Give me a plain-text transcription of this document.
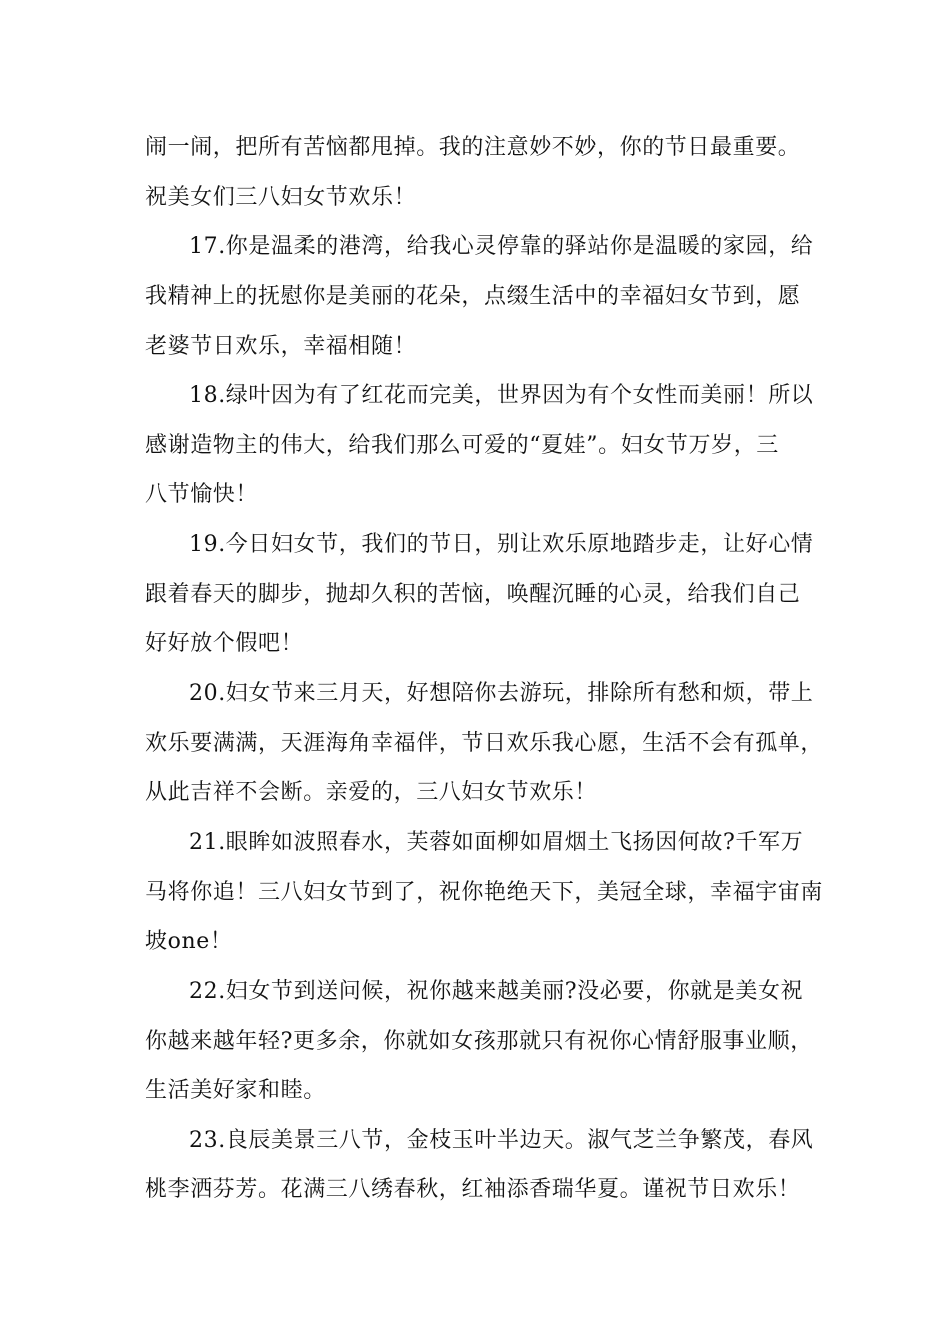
闹一闹，把所有苦恼都甩掉。我的注意妙不妙，你的节日最重要。
祝美女们三八妇女节欢乐！
17.你是温柔的港湾，给我心灵停靠的驿站你是温暖的家园，给
我精神上的抚慰你是美丽的花朵，点缀生活中的幸福妇女节到，愿
老婆节日欢乐，幸福相随！
18.绿叶因为有了红花而完美，世界因为有个女性而美丽！所以
感谢造物主的伟大，给我们那么可爱的“夏娃”。妇女节万岁，三
八节愉快！
19.今日妇女节，我们的节日，别让欢乐原地踏步走，让好心情
跟着春天的脚步，抛却久积的苦恼，唤醒沉睡的心灵，给我们自己
好好放个假吧！
20.妇女节来三月天，好想陪你去游玩，排除所有愁和烦，带上
欢乐要满满，天涯海角幸福伴，节日欢乐我心愿，生活不会有孤单，
从此吉祥不会断。亲爱的，三八妇女节欢乐！
21.眼眸如波照春水，芙蓉如面柳如眉烟土飞扬因何故?千军万
马将你追！三八妇女节到了，祝你艳绝天下，美冠全球，幸福宇宙南
坡one！
22.妇女节到送问候，祝你越来越美丽?没必要，你就是美女祝
你越来越年轻?更多余，你就如女孩那就只有祝你心情舒服事业顺，
生活美好家和睦。
23.良辰美景三八节，金枝玉叶半边天。淑气芝兰争繁茂，春风
桃李洒芬芳。花满三八绣春秋，红袖添香瑞华夏。谨祝节日欢乐！
